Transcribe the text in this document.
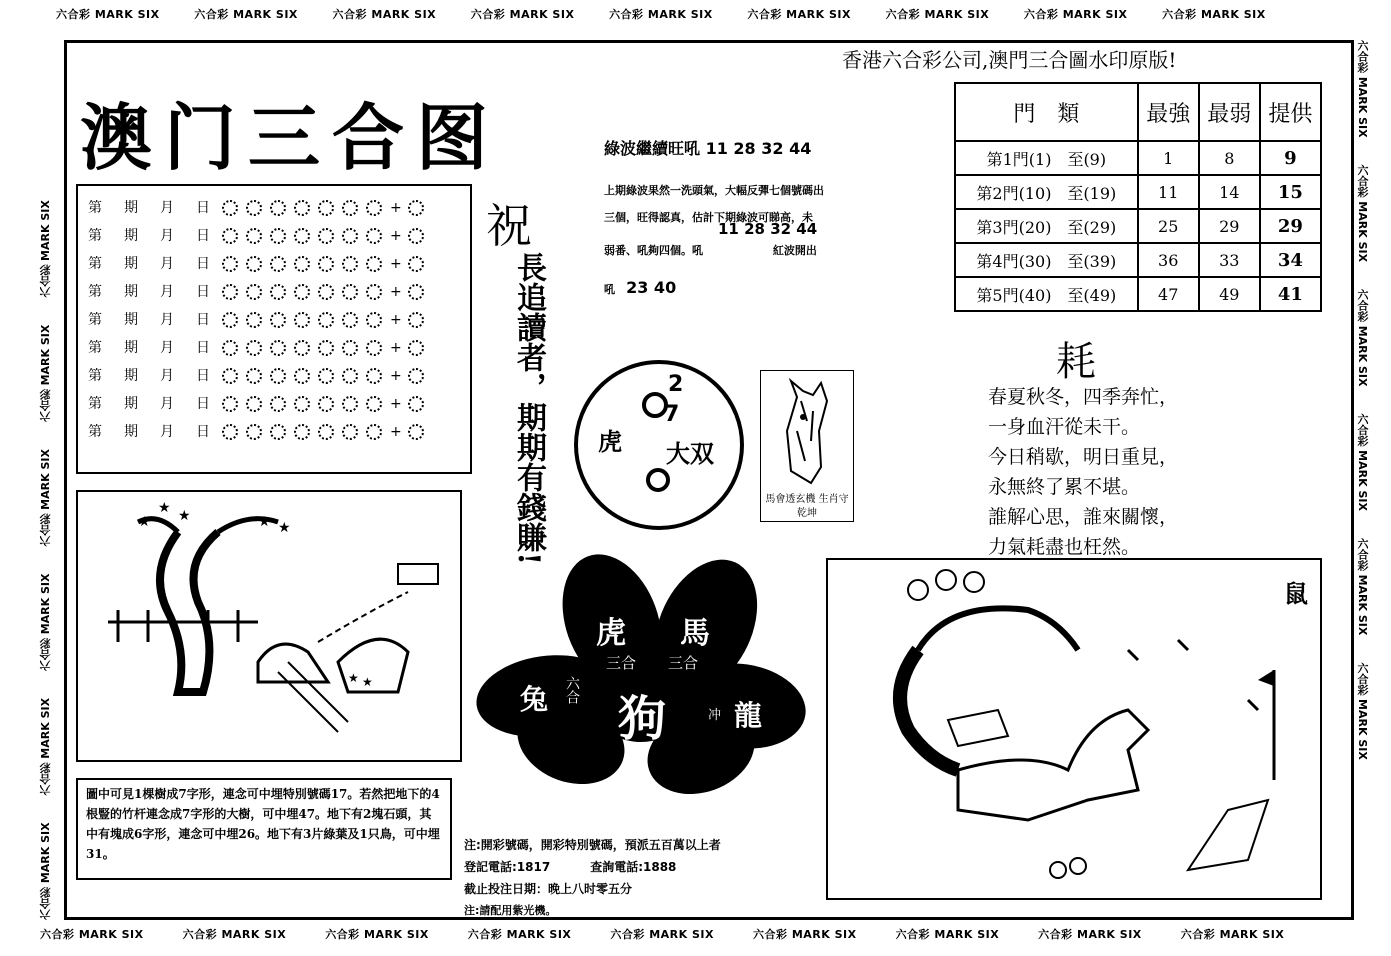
六合彩 MARK SIX	六合彩 MARK SIX	六合彩 MARK SIX	六合彩 MARK SIX	六合彩 MARK SIX	六合彩 MARK SIX	六合彩 MARK SIX	六合彩 MARK SIX	六合彩 MARK SIX
六合彩 MARK SIX	六合彩 MARK SIX	六合彩 MARK SIX	六合彩 MARK SIX	六合彩 MARK SIX	六合彩 MARK SIX	六合彩 MARK SIX	六合彩 MARK SIX	六合彩 MARK SIX
六合彩 MARK SIX       六合彩 MARK SIX       六合彩 MARK SIX       六合彩 MARK SIX       六合彩 MARK SIX       六合彩 MARK SIX
六合彩 MARK SIX       六合彩 MARK SIX       六合彩 MARK SIX       六合彩 MARK SIX       六合彩 MARK SIX       六合彩 MARK SIX
香港六合彩公司,澳門三合圖水印原版!
澳门三合图
第 期 月 日	+
第 期 月 日	+
第 期 月 日	+
第 期 月 日	+
第 期 月 日	+
第 期 月 日	+
第 期 月 日	+
第 期 月 日	+
第 期 月 日	+
祝
長追讀者，期期有錢賺!
綠波繼續旺吼 11 28 32 44
上期綠波果然一洗頭氣，大幅反彈七個號碼出
三個，旺得認真，估計下期綠波可睇高，未
11 28 32 44
弱番、吼夠四個。吼	紅波開出
吼 23 40
門　類	最強	最弱	提供
第1門(1)　至(9)	1	8	9
第2門(10)　至(19)	11	14	15
第3門(20)　至(29)	25	29	29
第4門(30)　至(39)	36	33	34
第5門(40)　至(49)	47	49	41
虎
2
7
大双
馬會透玄機 生肖守乾坤
耗
春夏秋冬，四季奔忙，
一身血汗從未干。
今日稍歇，明日重見，
永無終了累不堪。
誰解心思，誰來關懷，
力氣耗盡也枉然。
★
★ ★	★ ★
★ ★
圖中可見1棵樹成7字形，連念可中埋特別號碼17。若然把地下的4根豎的竹杆連念成7字形的大樹，可中埋47。地下有2塊石頭，其中有塊成6字形，連念可中埋26。地下有3片綠葉及1只鳥，可中埋31。
虎 馬
三合 三合
兔 六合
狗	冲 龍
注:開彩號碼，開彩特別號碼，預派五百萬以上者
登記電話:1817	查詢電話:1888
截止投注日期：晚上八时零五分
注:請配用紫光機。
鼠
